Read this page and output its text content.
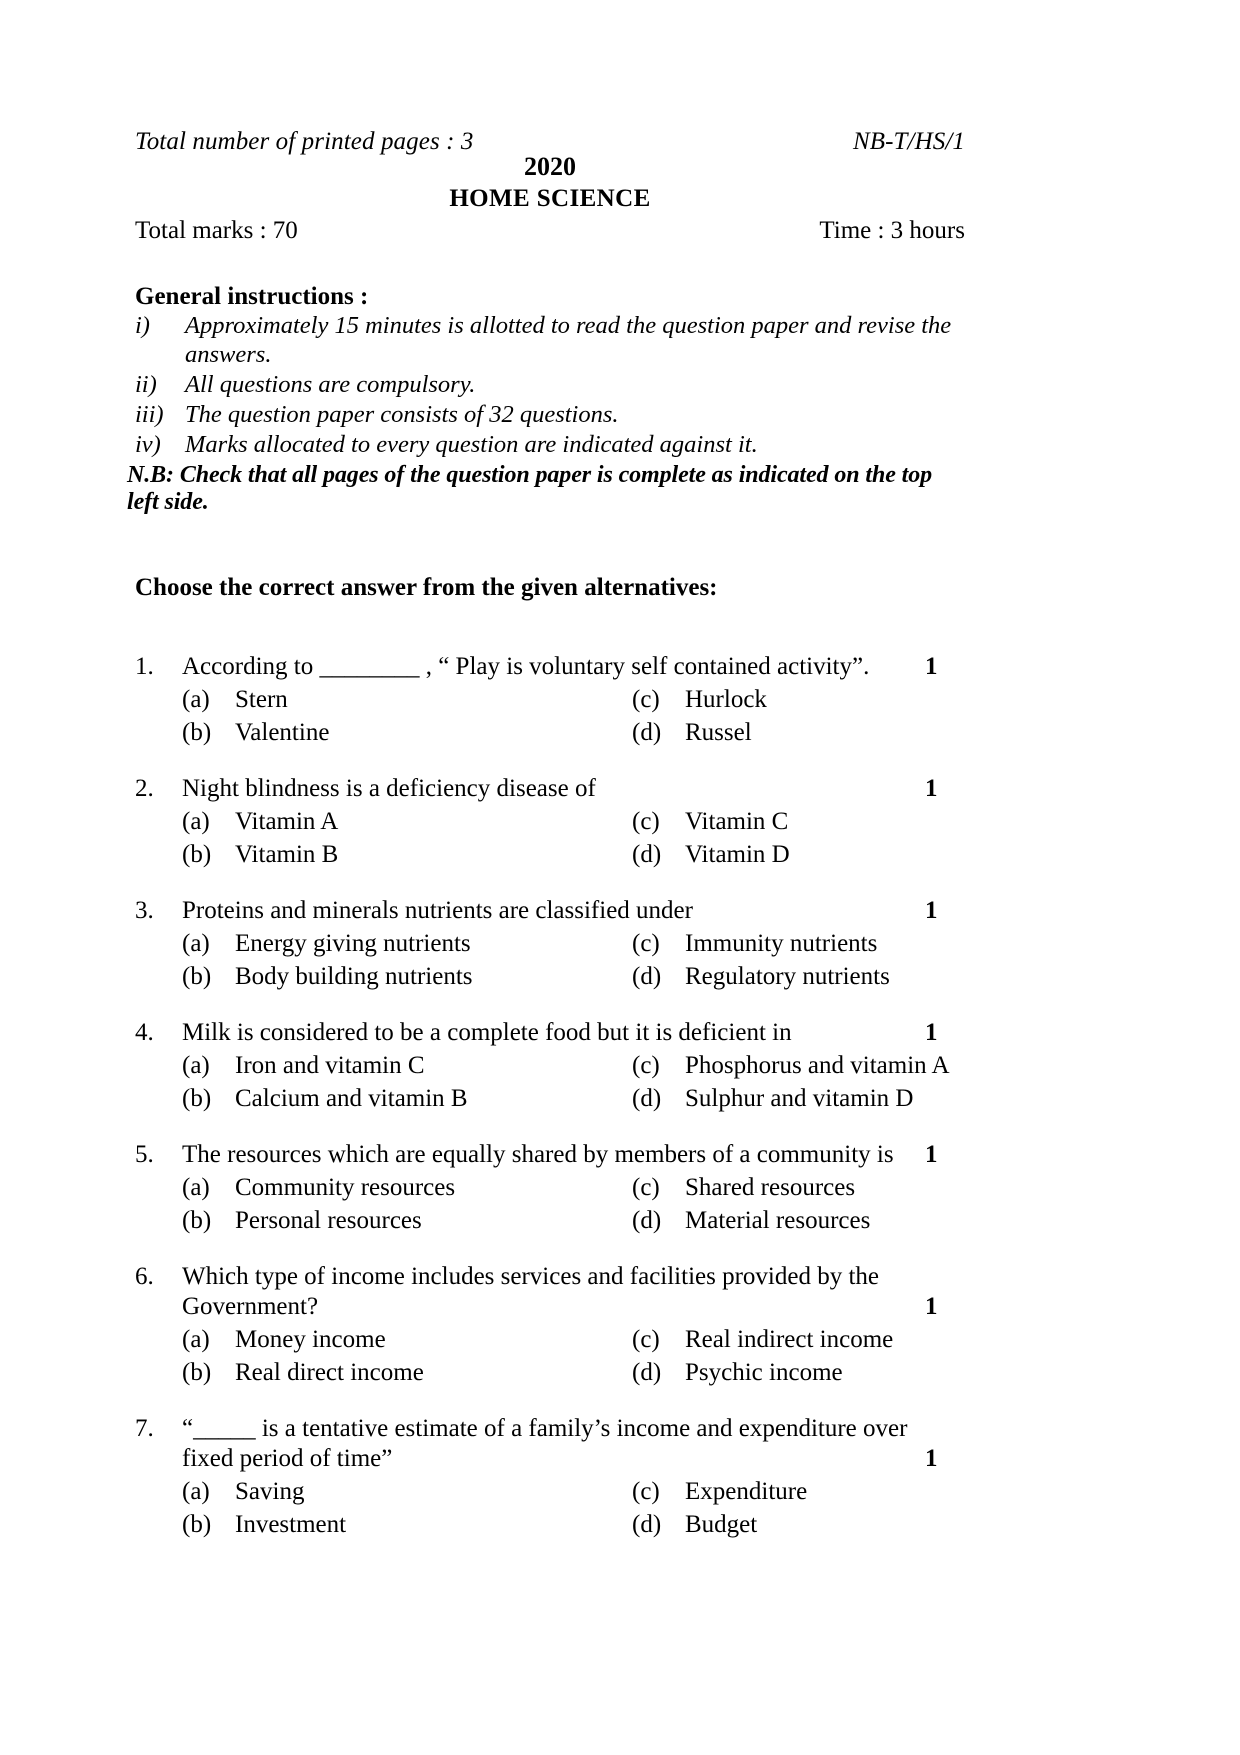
Total number of printed pages : 3	NB-T/HS/1
2020
HOME SCIENCE
Total marks : 70	Time : 3 hours
General instructions :
i)	Approximately 15 minutes is allotted to read the question paper and revise the answers.
ii)	All questions are compulsory.
iii) The question paper consists of 32 questions.
iv) Marks allocated to every question are indicated against it.
N.B: Check that all pages of the question paper is complete as indicated on the top left side.
Choose the correct answer from the given alternatives:
1.	According to ________ , “ Play is voluntary self contained activity”.	1
(a)	Stern	(c)	Hurlock
(b) Valentine	(d) Russel
2.	Night blindness is a deficiency disease of	1
(a)	Vitamin A	(c)	Vitamin C
(b) Vitamin B	(d) Vitamin D
3.	Proteins and minerals nutrients are classified under	1
(a)	Energy giving nutrients	(c)	Immunity nutrients
(b) Body building nutrients	(d) Regulatory nutrients
4.	Milk is considered to be a complete food but it is deficient in	1
(a)	Iron and vitamin C	(c)	Phosphorus and vitamin A
(b) Calcium and vitamin B	(d) Sulphur and vitamin D
5.	The resources which are equally shared by members of a community is	1
(a)	Community resources	(c)	Shared resources
(b) Personal resources	(d) Material resources
6.	Which type of income includes services and facilities provided by the Government?	1
(a)	Money income	(c)	Real indirect income
(b) Real direct income	(d) Psychic income
7.	“_____ is a tentative estimate of a family’s income and expenditure over fixed period of time”	1
(a)	Saving	(c)	Expenditure
(b) Investment	(d) Budget
